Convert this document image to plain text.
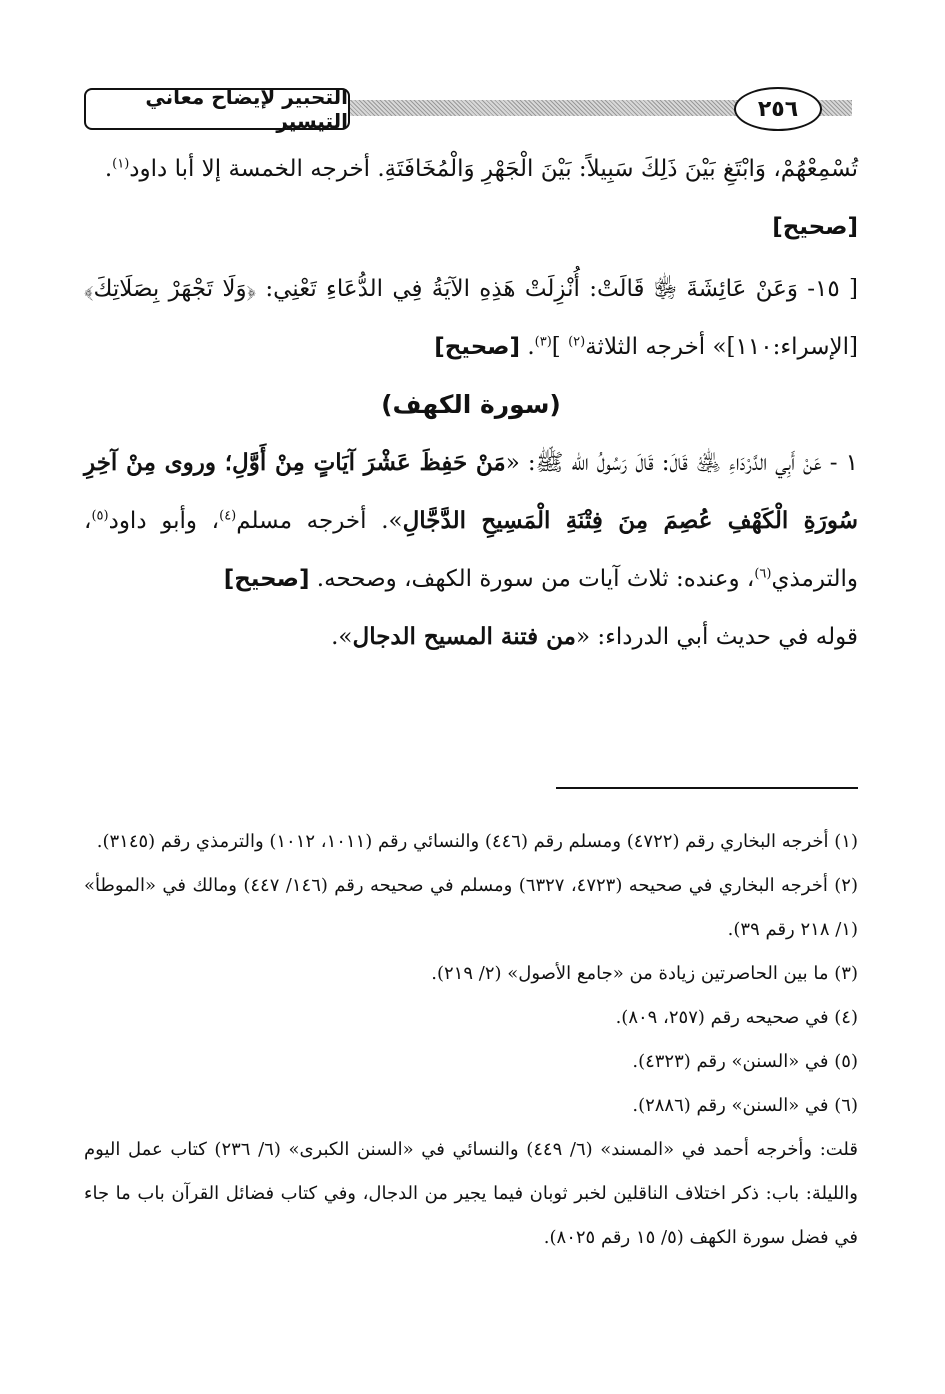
التحبير لإيضاح معاني التيسير	٢٥٦

تُسْمِعْهُمْ، وَابْتَغِ بَيْنَ ذَلِكَ سَبِيلاً: بَيْنَ الْجَهْرِ وَالْمُخَافَتَةِ. أخرجه الخمسة إلا أبا داود$^{(١)}$.

[صحيح]

[ ١٥- وَعَنْ عَائِشَةَ ﵂ قَالَتْ: أُنْزِلَتْ هَذِهِ الآيَةُ فِي الدُّعَاءِ تَعْنِي: ﴿وَلَا تَجْهَرْ بِصَلَاتِكَ﴾[الإسراء:١١٠]» أخرجه الثلاثة$^{(٢)}$ ]$^{(٣)}$. [صحيح]

(سورة الكهف)

١ - عَنْ أَبِي الدَّرْدَاءِ ﵁ قَالَ: قَالَ رَسُولُ الله ﷺ: «مَنْ حَفِظَ عَشْرَ آيَاتٍ مِنْ أَوَّلِ؛ وروى مِنْ آخِرِ سُورَةِ الْكَهْفِ عُصِمَ مِنَ فِتْنَةِ الْمَسِيحِ الدَّجَّالِ». أخرجه مسلم$^{(٤)}$، وأبو داود$^{(٥)}$، والترمذي$^{(٦)}$، وعنده: ثلاث آيات من سورة الكهف، وصححه. [صحيح]

قوله في حديث أبي الدرداء: «من فتنة المسيح الدجال».

(١) أخرجه البخاري رقم (٤٧٢٢) ومسلم رقم (٤٤٦) والنسائي رقم (١٠١١، ١٠١٢) والترمذي رقم (٣١٤٥).

(٢) أخرجه البخاري في صحيحه (٤٧٢٣، ٦٣٢٧) ومسلم في صحيحه رقم (١٤٦/ ٤٤٧) ومالك في «الموطأ» (١/ ٢١٨ رقم ٣٩).

(٣) ما بين الحاصرتين زيادة من «جامع الأصول» (٢/ ٢١٩).

(٤) في صحيحه رقم (٢٥٧، ٨٠٩).

(٥) في «السنن» رقم (٤٣٢٣).

(٦) في «السنن» رقم (٢٨٨٦).

قلت: وأخرجه أحمد في «المسند» (٦/ ٤٤٩) والنسائي في «السنن الكبرى» (٦/ ٢٣٦) كتاب عمل اليوم والليلة: باب: ذكر اختلاف الناقلين لخبر ثوبان فيما يجير من الدجال، وفي كتاب فضائل القرآن باب ما جاء في فضل سورة الكهف (٥/ ١٥ رقم ٨٠٢٥).
